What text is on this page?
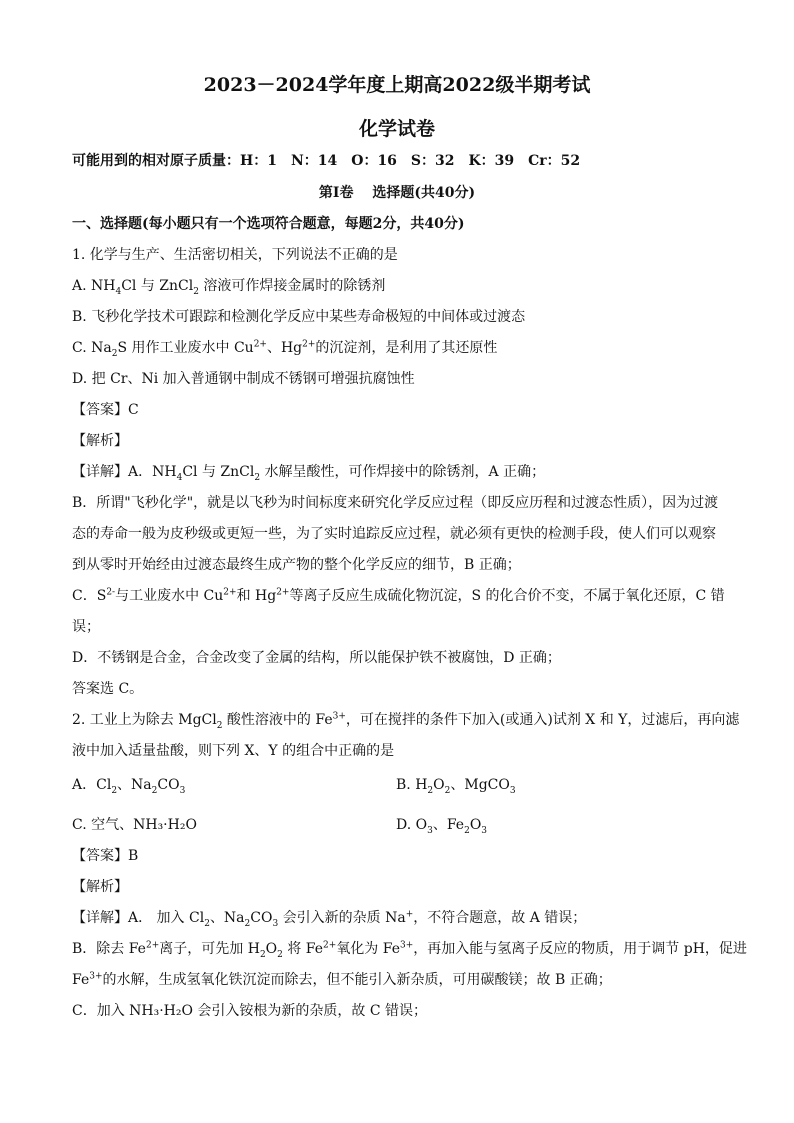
2023－2024学年度上期高2022级半期考试
化学试卷
可能用到的相对原子质量：H：1　N：14　O：16　S：32　K：39　Cr：52
第Ⅰ卷　 选择题(共40分)
一、选择题(每小题只有一个选项符合题意，每题2分，共40分)
1. 化学与生产、生活密切相关，下列说法不正确的是
A. $NH_4Cl$ 与 ZnCl$_2$ 溶液可作焊接金属时的除锈剂
B. 飞秒化学技术可跟踪和检测化学反应中某些寿命极短的中间体或过渡态
C. $Na_2S$ 用作工业废水中 $Cu^{2+}$、$Hg^{2+}$的沉淀剂，是利用了其还原性
D. 把 Cr、Ni 加入普通钢中制成不锈钢可增强抗腐蚀性
【答案】C
【解析】
【详解】A．$NH_4Cl$ 与 ZnCl$_2$ 水解呈酸性，可作焊接中的除锈剂，A 正确；
B．所谓"飞秒化学"，就是以飞秒为时间标度来研究化学反应过程（即反应历程和过渡态性质），因为过渡
态的寿命一般为皮秒级或更短一些，为了实时追踪反应过程，就必须有更快的检测手段，使人们可以观察
到从零时开始经由过渡态最终生成产物的整个化学反应的细节，B 正确；
C．$S^{2-}$与工业废水中 $Cu^{2+}$和 $Hg^{2+}$等离子反应生成硫化物沉淀，S 的化合价不变，不属于氧化还原，C 错
误；
D．不锈钢是合金，合金改变了金属的结构，所以能保护铁不被腐蚀，D 正确；
答案选 C。
2. 工业上为除去 MgCl$_2$ 酸性溶液中的 $Fe^{3+}$，可在搅拌的条件下加入(或通入)试剂 X 和 Y，过滤后，再向滤
液中加入适量盐酸，则下列 X、Y 的组合中正确的是
A．$Cl_2$、$Na_2CO_3$	B. $H_2O_2$、MgCO$_3$
C. 空气、NH₃·H₂O	D. $O_3$、$Fe_2O_3$
【答案】B
【解析】
【详解】A． 加入 $Cl_2$、$Na_2CO_3$ 会引入新的杂质 Na+，不符合题意，故 A 错误；
B．除去 $Fe^{2+}$离子，可先加 $H_2O_2$ 将 $Fe^{2+}$氧化为 $Fe^{3+}$，再加入能与氢离子反应的物质，用于调节 pH，促进
$Fe^{3+}$的水解，生成氢氧化铁沉淀而除去，但不能引入新杂质，可用碳酸镁；故 B 正确；
C．加入 NH₃·H₂O 会引入铵根为新的杂质，故 C 错误；
